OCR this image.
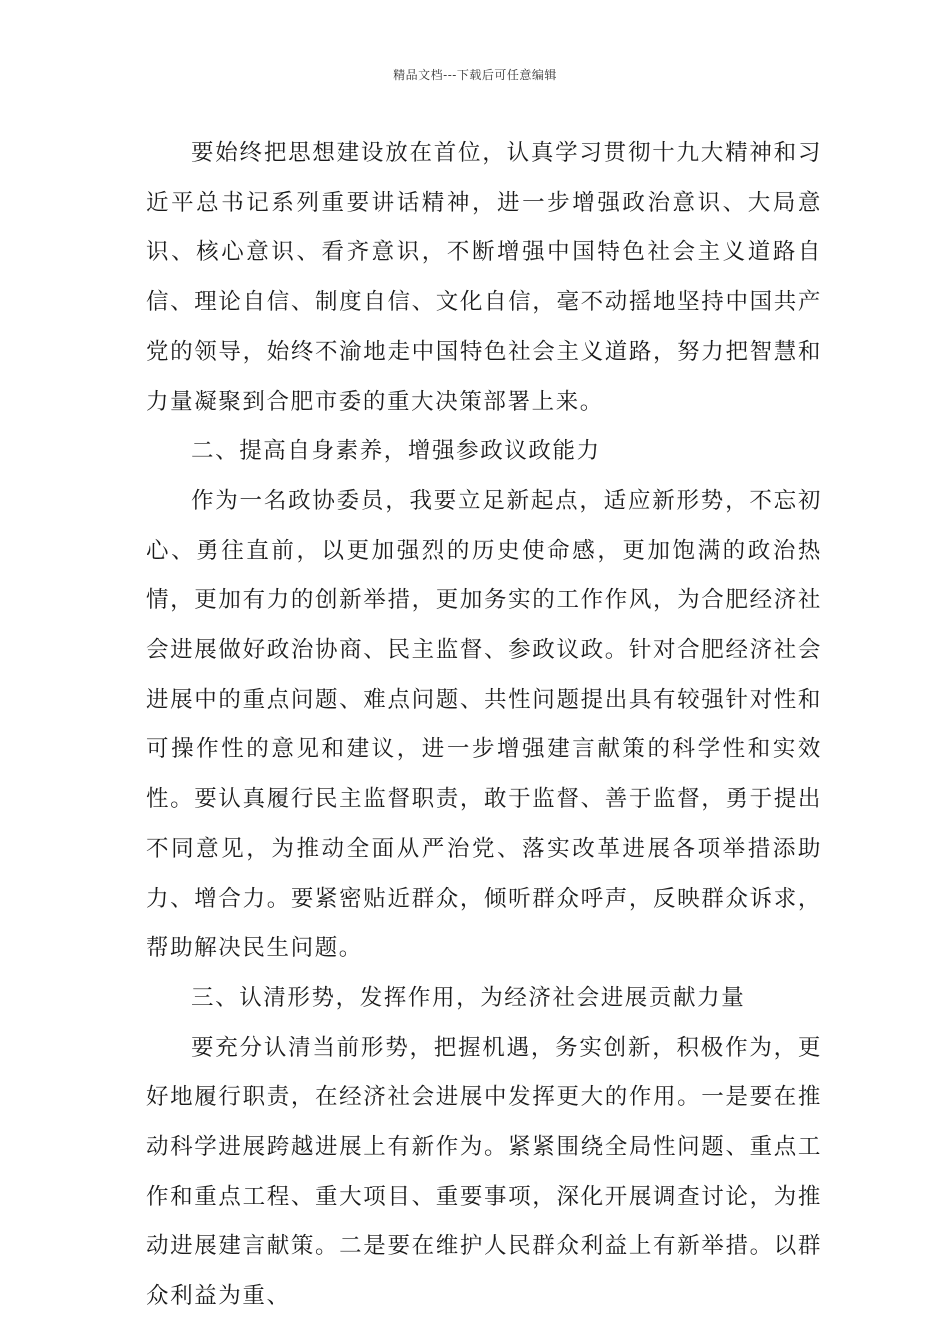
精品文档---下载后可任意编辑

要始终把思想建设放在首位，认真学习贯彻十九大精神和习近平总书记系列重要讲话精神，进一步增强政治意识、大局意识、核心意识、看齐意识，不断增强中国特色社会主义道路自信、理论自信、制度自信、文化自信，毫不动摇地坚持中国共产党的领导，始终不渝地走中国特色社会主义道路，努力把智慧和力量凝聚到合肥市委的重大决策部署上来。

二、提高自身素养，增强参政议政能力

作为一名政协委员，我要立足新起点，适应新形势，不忘初心、勇往直前，以更加强烈的历史使命感，更加饱满的政治热情，更加有力的创新举措，更加务实的工作作风，为合肥经济社会进展做好政治协商、民主监督、参政议政。针对合肥经济社会进展中的重点问题、难点问题、共性问题提出具有较强针对性和可操作性的意见和建议，进一步增强建言献策的科学性和实效性。要认真履行民主监督职责，敢于监督、善于监督，勇于提出不同意见，为推动全面从严治党、落实改革进展各项举措添助力、增合力。要紧密贴近群众，倾听群众呼声，反映群众诉求，帮助解决民生问题。

三、认清形势，发挥作用，为经济社会进展贡献力量

要充分认清当前形势，把握机遇，务实创新，积极作为，更好地履行职责，在经济社会进展中发挥更大的作用。一是要在推动科学进展跨越进展上有新作为。紧紧围绕全局性问题、重点工作和重点工程、重大项目、重要事项，深化开展调查讨论，为推动进展建言献策。二是要在维护人民群众利益上有新举措。以群众利益为重、
